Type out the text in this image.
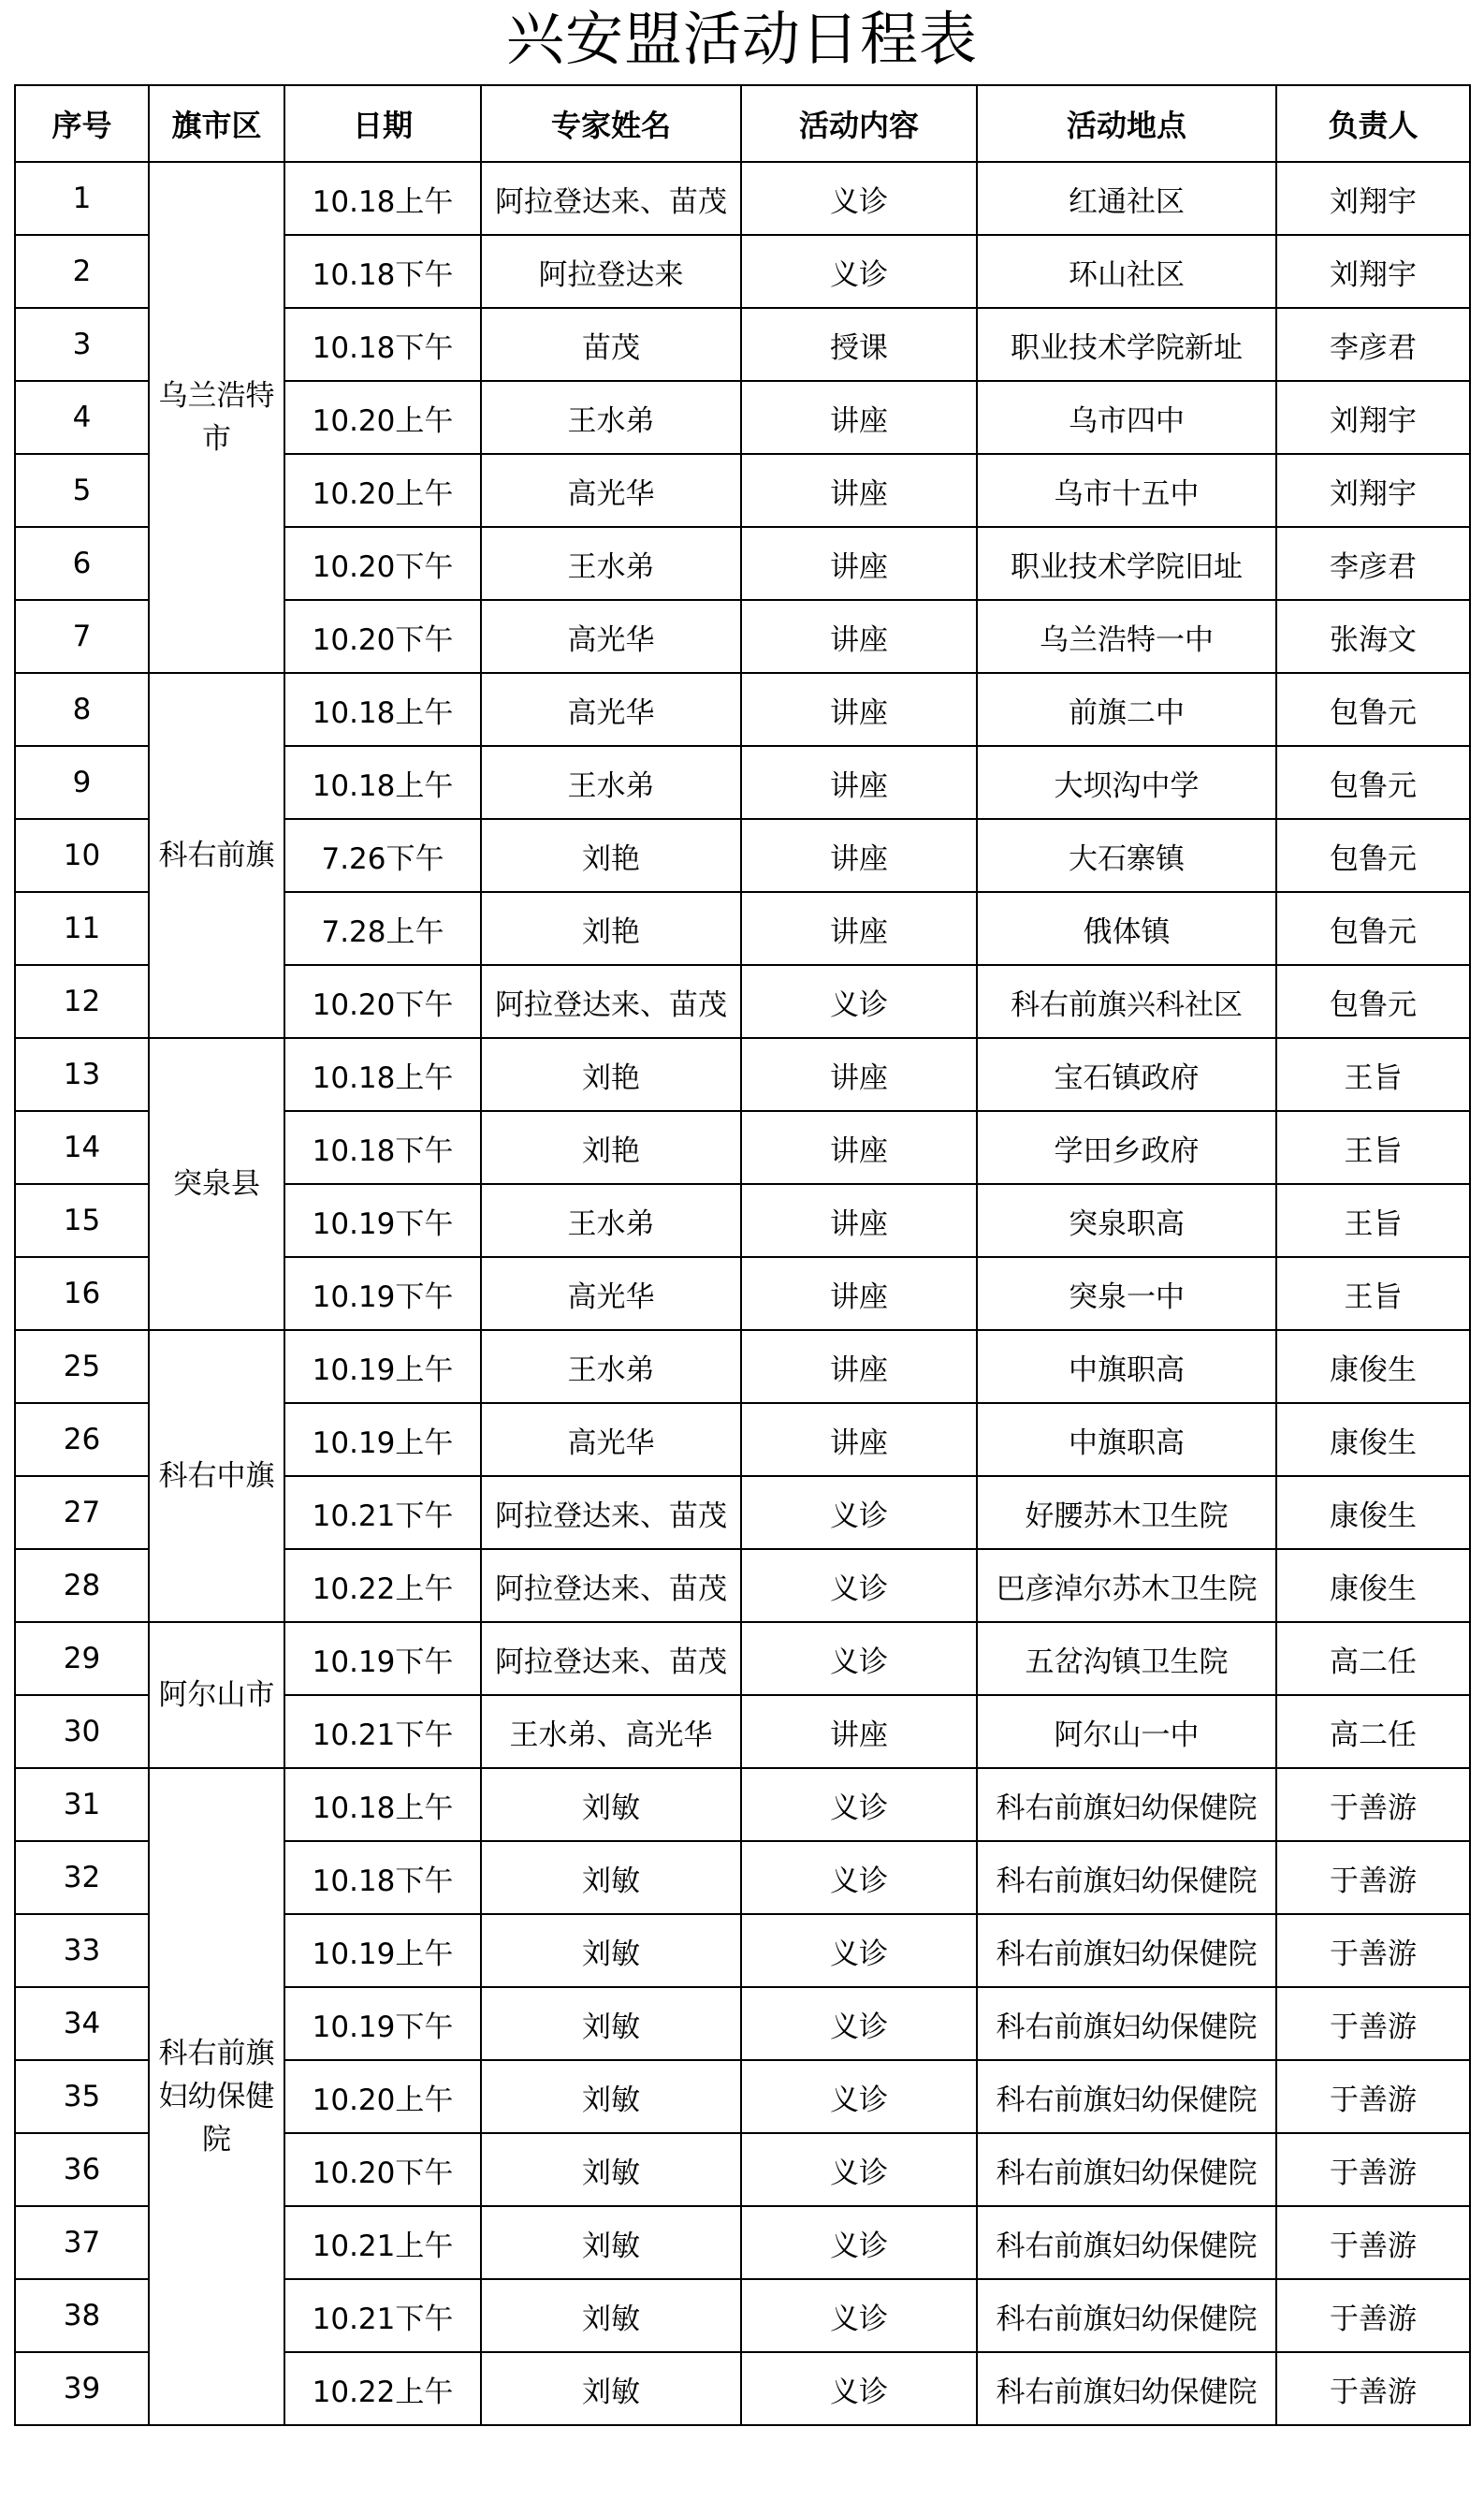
兴安盟活动日程表
序号	旗市区	日期	专家姓名	活动内容	活动地点	负责人
1	乌兰浩特市	10.18上午	阿拉登达来、苗茂	义诊	红通社区	刘翔宇
2		10.18下午	阿拉登达来	义诊	环山社区	刘翔宇
3		10.18下午	苗茂	授课	职业技术学院新址	李彦君
4		10.20上午	王水弟	讲座	乌市四中	刘翔宇
5		10.20上午	高光华	讲座	乌市十五中	刘翔宇
6		10.20下午	王水弟	讲座	职业技术学院旧址	李彦君
7		10.20下午	高光华	讲座	乌兰浩特一中	张海文
8	科右前旗	10.18上午	高光华	讲座	前旗二中	包鲁元
9		10.18上午	王水弟	讲座	大坝沟中学	包鲁元
10		7.26下午	刘艳	讲座	大石寨镇	包鲁元
11		7.28上午	刘艳	讲座	俄体镇	包鲁元
12		10.20下午	阿拉登达来、苗茂	义诊	科右前旗兴科社区	包鲁元
13	突泉县	10.18上午	刘艳	讲座	宝石镇政府	王旨
14		10.18下午	刘艳	讲座	学田乡政府	王旨
15		10.19下午	王水弟	讲座	突泉职高	王旨
16		10.19下午	高光华	讲座	突泉一中	王旨
25	科右中旗	10.19上午	王水弟	讲座	中旗职高	康俊生
26		10.19上午	高光华	讲座	中旗职高	康俊生
27		10.21下午	阿拉登达来、苗茂	义诊	好腰苏木卫生院	康俊生
28		10.22上午	阿拉登达来、苗茂	义诊	巴彦淖尔苏木卫生院	康俊生
29	阿尔山市	10.19下午	阿拉登达来、苗茂	义诊	五岔沟镇卫生院	高二任
30		10.21下午	王水弟、高光华	讲座	阿尔山一中	高二任
31	科右前旗妇幼保健院	10.18上午	刘敏	义诊	科右前旗妇幼保健院	于善游
32		10.18下午	刘敏	义诊	科右前旗妇幼保健院	于善游
33		10.19上午	刘敏	义诊	科右前旗妇幼保健院	于善游
34		10.19下午	刘敏	义诊	科右前旗妇幼保健院	于善游
35		10.20上午	刘敏	义诊	科右前旗妇幼保健院	于善游
36		10.20下午	刘敏	义诊	科右前旗妇幼保健院	于善游
37		10.21上午	刘敏	义诊	科右前旗妇幼保健院	于善游
38		10.21下午	刘敏	义诊	科右前旗妇幼保健院	于善游
39		10.22上午	刘敏	义诊	科右前旗妇幼保健院	于善游
